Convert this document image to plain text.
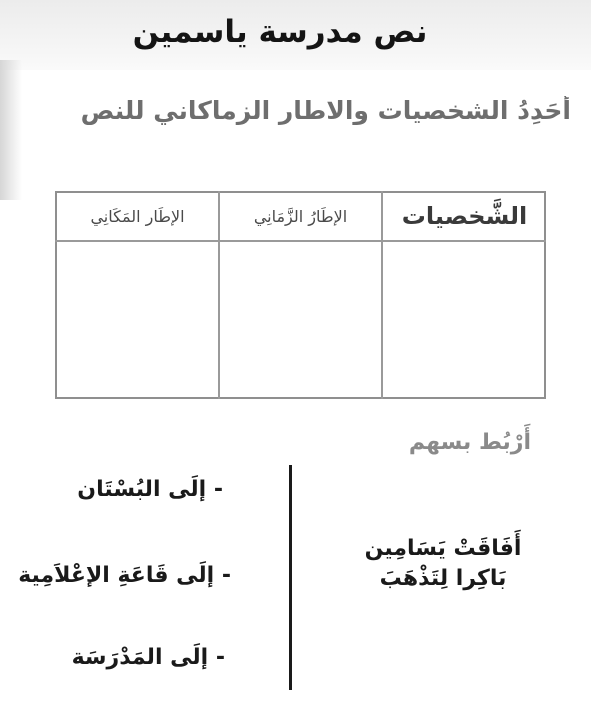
نص مدرسة ياسمين
أُحَدِدُ الشخصيات والاطار الزماكاني للنص
الشَّخصيات
الإطَارُ الزَّمَانِي
الإطَار المَكَانِي
أَرْبُط بسهم
أَفَاقَتْ يَسَامِين
بَاكِرا لِتَذْهَبَ
- إلَى البُسْتَان
- إلَى قَاعَةِ الإعْلاَمِية
- إلَى المَدْرَسَة
